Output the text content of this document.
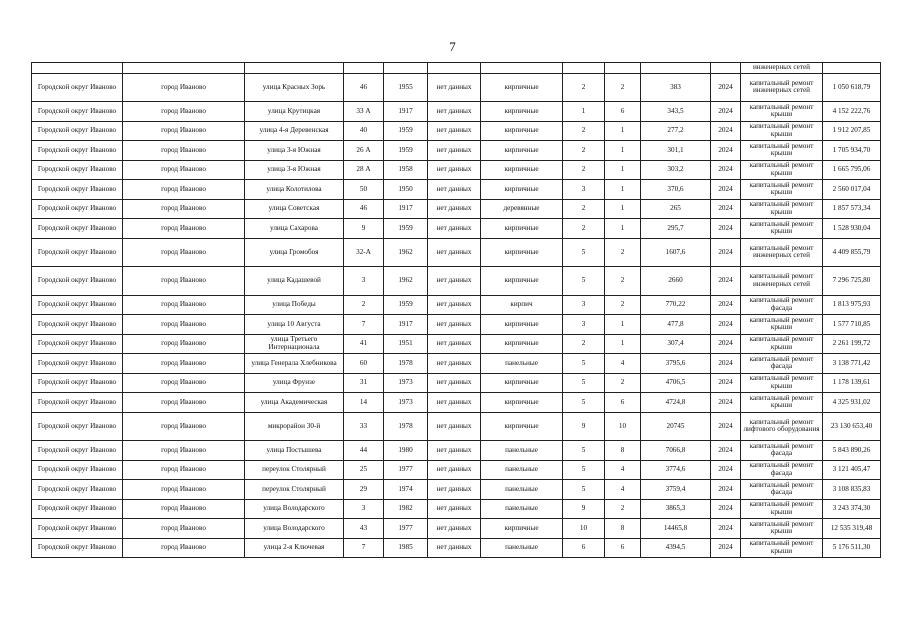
7
											инженерных сетей	
Городской округ Иваново	город Иваново	улица Красных Зорь	46	1955	нет данных	кирпичные	2	2	383	2024	капитальный ремонт инженерных сетей	1 050 618,79
Городской округ Иваново	город Иваново	улица Крутицкая	33 А	1917	нет данных	кирпичные	1	6	343,5	2024	капитальный ремонт крыши	4 152 222,76
Городской округ Иваново	город Иваново	улица 4-я Деревенская	40	1959	нет данных	кирпичные	2	1	277,2	2024	капитальный ремонт крыши	1 912 207,85
Городской округ Иваново	город Иваново	улица 3-я Южная	26 А	1959	нет данных	кирпичные	2	1	301,1	2024	капитальный ремонт крыши	1 705 934,70
Городской округ Иваново	город Иваново	улица 3-я Южная	28 А	1958	нет данных	кирпичные	2	1	303,2	2024	капитальный ремонт крыши	1 665 795,06
Городской округ Иваново	город Иваново	улица Колотилова	50	1950	нет данных	кирпичные	3	1	370,6	2024	капитальный ремонт крыши	2 560 017,04
Городской округ Иваново	город Иваново	улица Советская	46	1917	нет данных	деревянные	2	1	265	2024	капитальный ремонт крыши	1 857 573,34
Городской округ Иваново	город Иваново	улица Сахарова	9	1959	нет данных	кирпичные	2	1	295,7	2024	капитальный ремонт крыши	1 528 930,04
Городской округ Иваново	город Иваново	улица Громобоя	32-А	1962	нет данных	кирпичные	5	2	1607,6	2024	капитальный ремонт инженерных сетей	4 409 855,79
Городской округ Иваново	город Иваново	улица Кадашевой	3	1962	нет данных	кирпичные	5	2	2660	2024	капитальный ремонт инженерных сетей	7 296 725,80
Городской округ Иваново	город Иваново	улица Победы	2	1959	нет данных	кирпич	3	2	770,22	2024	капитальный ремонт фасада	1 813 975,93
Городской округ Иваново	город Иваново	улица 10 Августа	7	1917	нет данных	кирпичные	3	1	477,8	2024	капитальный ремонт крыши	1 577 710,85
Городской округ Иваново	город Иваново	улица Третьего Интернационала	41	1951	нет данных	кирпичные	2	1	307,4	2024	капитальный ремонт крыши	2 261 199,72
Городской округ Иваново	город Иваново	улица Генерала Хлебникова	60	1978	нет данных	панельные	5	4	3795,6	2024	капитальный ремонт фасада	3 138 771,42
Городской округ Иваново	город Иваново	улица Фрунзе	31	1973	нет данных	кирпичные	5	2	4706,5	2024	капитальный ремонт крыши	1 178 139,61
Городской округ Иваново	город Иваново	улица Академическая	14	1973	нет данных	кирпичные	5	6	4724,8	2024	капитальный ремонт крыши	4 325 931,02
Городской округ Иваново	город Иваново	микрорайон 30-й	33	1978	нет данных	кирпичные	9	10	20745	2024	капитальный ремонт лифтового оборудования	23 130 653,40
Городской округ Иваново	город Иваново	улица Постышева	44	1980	нет данных	панельные	5	8	7066,8	2024	капитальный ремонт фасада	5 843 890,26
Городской округ Иваново	город Иваново	переулок Столярный	25	1977	нет данных	панельные	5	4	3774,6	2024	капитальный ремонт фасада	3 121 405,47
Городской округ Иваново	город Иваново	переулок Столярный	29	1974	нет данных	панельные	5	4	3759,4	2024	капитальный ремонт фасада	3 108 835,83
Городской округ Иваново	город Иваново	улица Володарского	3	1982	нет данных	панельные	9	2	3865,3	2024	капитальный ремонт крыши	3 243 374,30
Городской округ Иваново	город Иваново	улица Володарского	43	1977	нет данных	кирпичные	10	8	14465,8	2024	капитальный ремонт крыши	12 535 319,48
Городской округ Иваново	город Иваново	улица 2-я Ключевая	7	1985	нет данных	панельные	6	6	4394,5	2024	капитальный ремонт крыши	5 176 511,30
